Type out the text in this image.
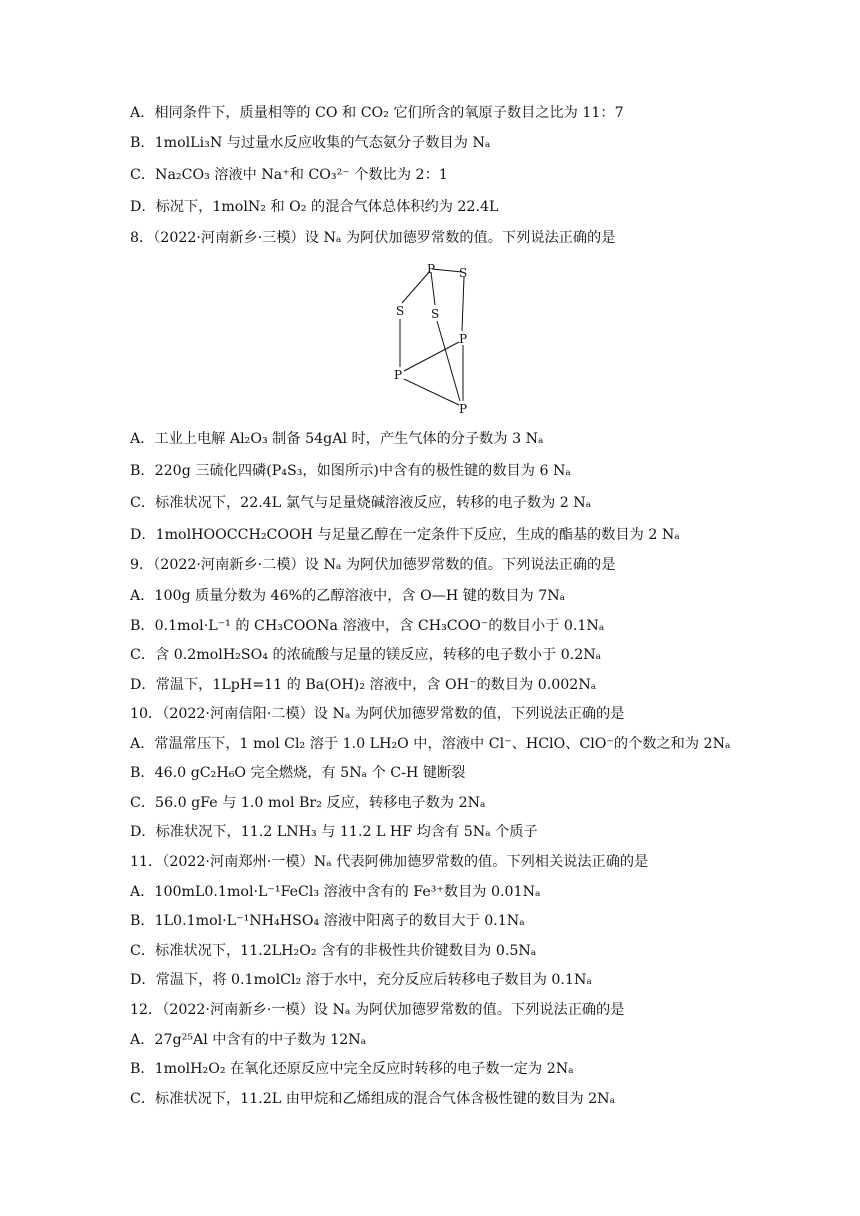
A．相同条件下，质量相等的 CO 和 CO₂ 它们所含的氧原子数目之比为 11：7
B．1molLi₃N 与过量水反应收集的气态氨分子数目为 Nₐ
C．Na₂CO₃ 溶液中 Na⁺和 CO₃²⁻ 个数比为 2：1
D．标况下，1molN₂ 和 O₂ 的混合气体总体积约为 22.4L
8．（2022·河南新乡·三模）设 Nₐ 为阿伏加德罗常数的值。下列说法正确的是
P S
S S
P
P
P
A．工业上电解 Al₂O₃ 制备 54gAl 时，产生气体的分子数为 3 Nₐ
B．220g 三硫化四磷(P₄S₃，如图所示)中含有的极性键的数目为 6 Nₐ
C．标准状况下，22.4L 氯气与足量烧碱溶液反应，转移的电子数为 2 Nₐ
D．1molHOOCCH₂COOH 与足量乙醇在一定条件下反应，生成的酯基的数目为 2 Nₐ
9．（2022·河南新乡·二模）设 Nₐ 为阿伏加德罗常数的值。下列说法正确的是
A．100g 质量分数为 46%的乙醇溶液中，含 O—H 键的数目为 7Nₐ
B．0.1mol·L⁻¹ 的 CH₃COONa 溶液中，含 CH₃COO⁻的数目小于 0.1Nₐ
C．含 0.2molH₂SO₄ 的浓硫酸与足量的镁反应，转移的电子数小于 0.2Nₐ
D．常温下，1LpH=11 的 Ba(OH)₂ 溶液中，含 OH⁻的数目为 0.002Nₐ
10．（2022·河南信阳·二模）设 Nₐ 为阿伏加德罗常数的值，下列说法正确的是
A．常温常压下，1 mol Cl₂ 溶于 1.0 LH₂O 中，溶液中 Cl⁻、HClO、ClO⁻的个数之和为 2Nₐ
B．46.0 gC₂H₆O 完全燃烧，有 5Nₐ 个 C-H 键断裂
C．56.0 gFe 与 1.0 mol Br₂ 反应，转移电子数为 2Nₐ
D．标准状况下，11.2 LNH₃ 与 11.2 L HF 均含有 5Nₐ 个质子
11．（2022·河南郑州·一模）Nₐ 代表阿佛加德罗常数的值。下列相关说法正确的是
A．100mL0.1mol·L⁻¹FeCl₃ 溶液中含有的 Fe³⁺数目为 0.01Nₐ
B．1L0.1mol·L⁻¹NH₄HSO₄ 溶液中阳离子的数目大于 0.1Nₐ
C．标准状况下，11.2LH₂O₂ 含有的非极性共价键数目为 0.5Nₐ
D．常温下，将 0.1molCl₂ 溶于水中，充分反应后转移电子数目为 0.1Nₐ
12．（2022·河南新乡·一模）设 Nₐ 为阿伏加德罗常数的值。下列说法正确的是
A．27g²⁵Al 中含有的中子数为 12Nₐ
B．1molH₂O₂ 在氧化还原反应中完全反应时转移的电子数一定为 2Nₐ
C．标准状况下，11.2L 由甲烷和乙烯组成的混合气体含极性键的数目为 2Nₐ
